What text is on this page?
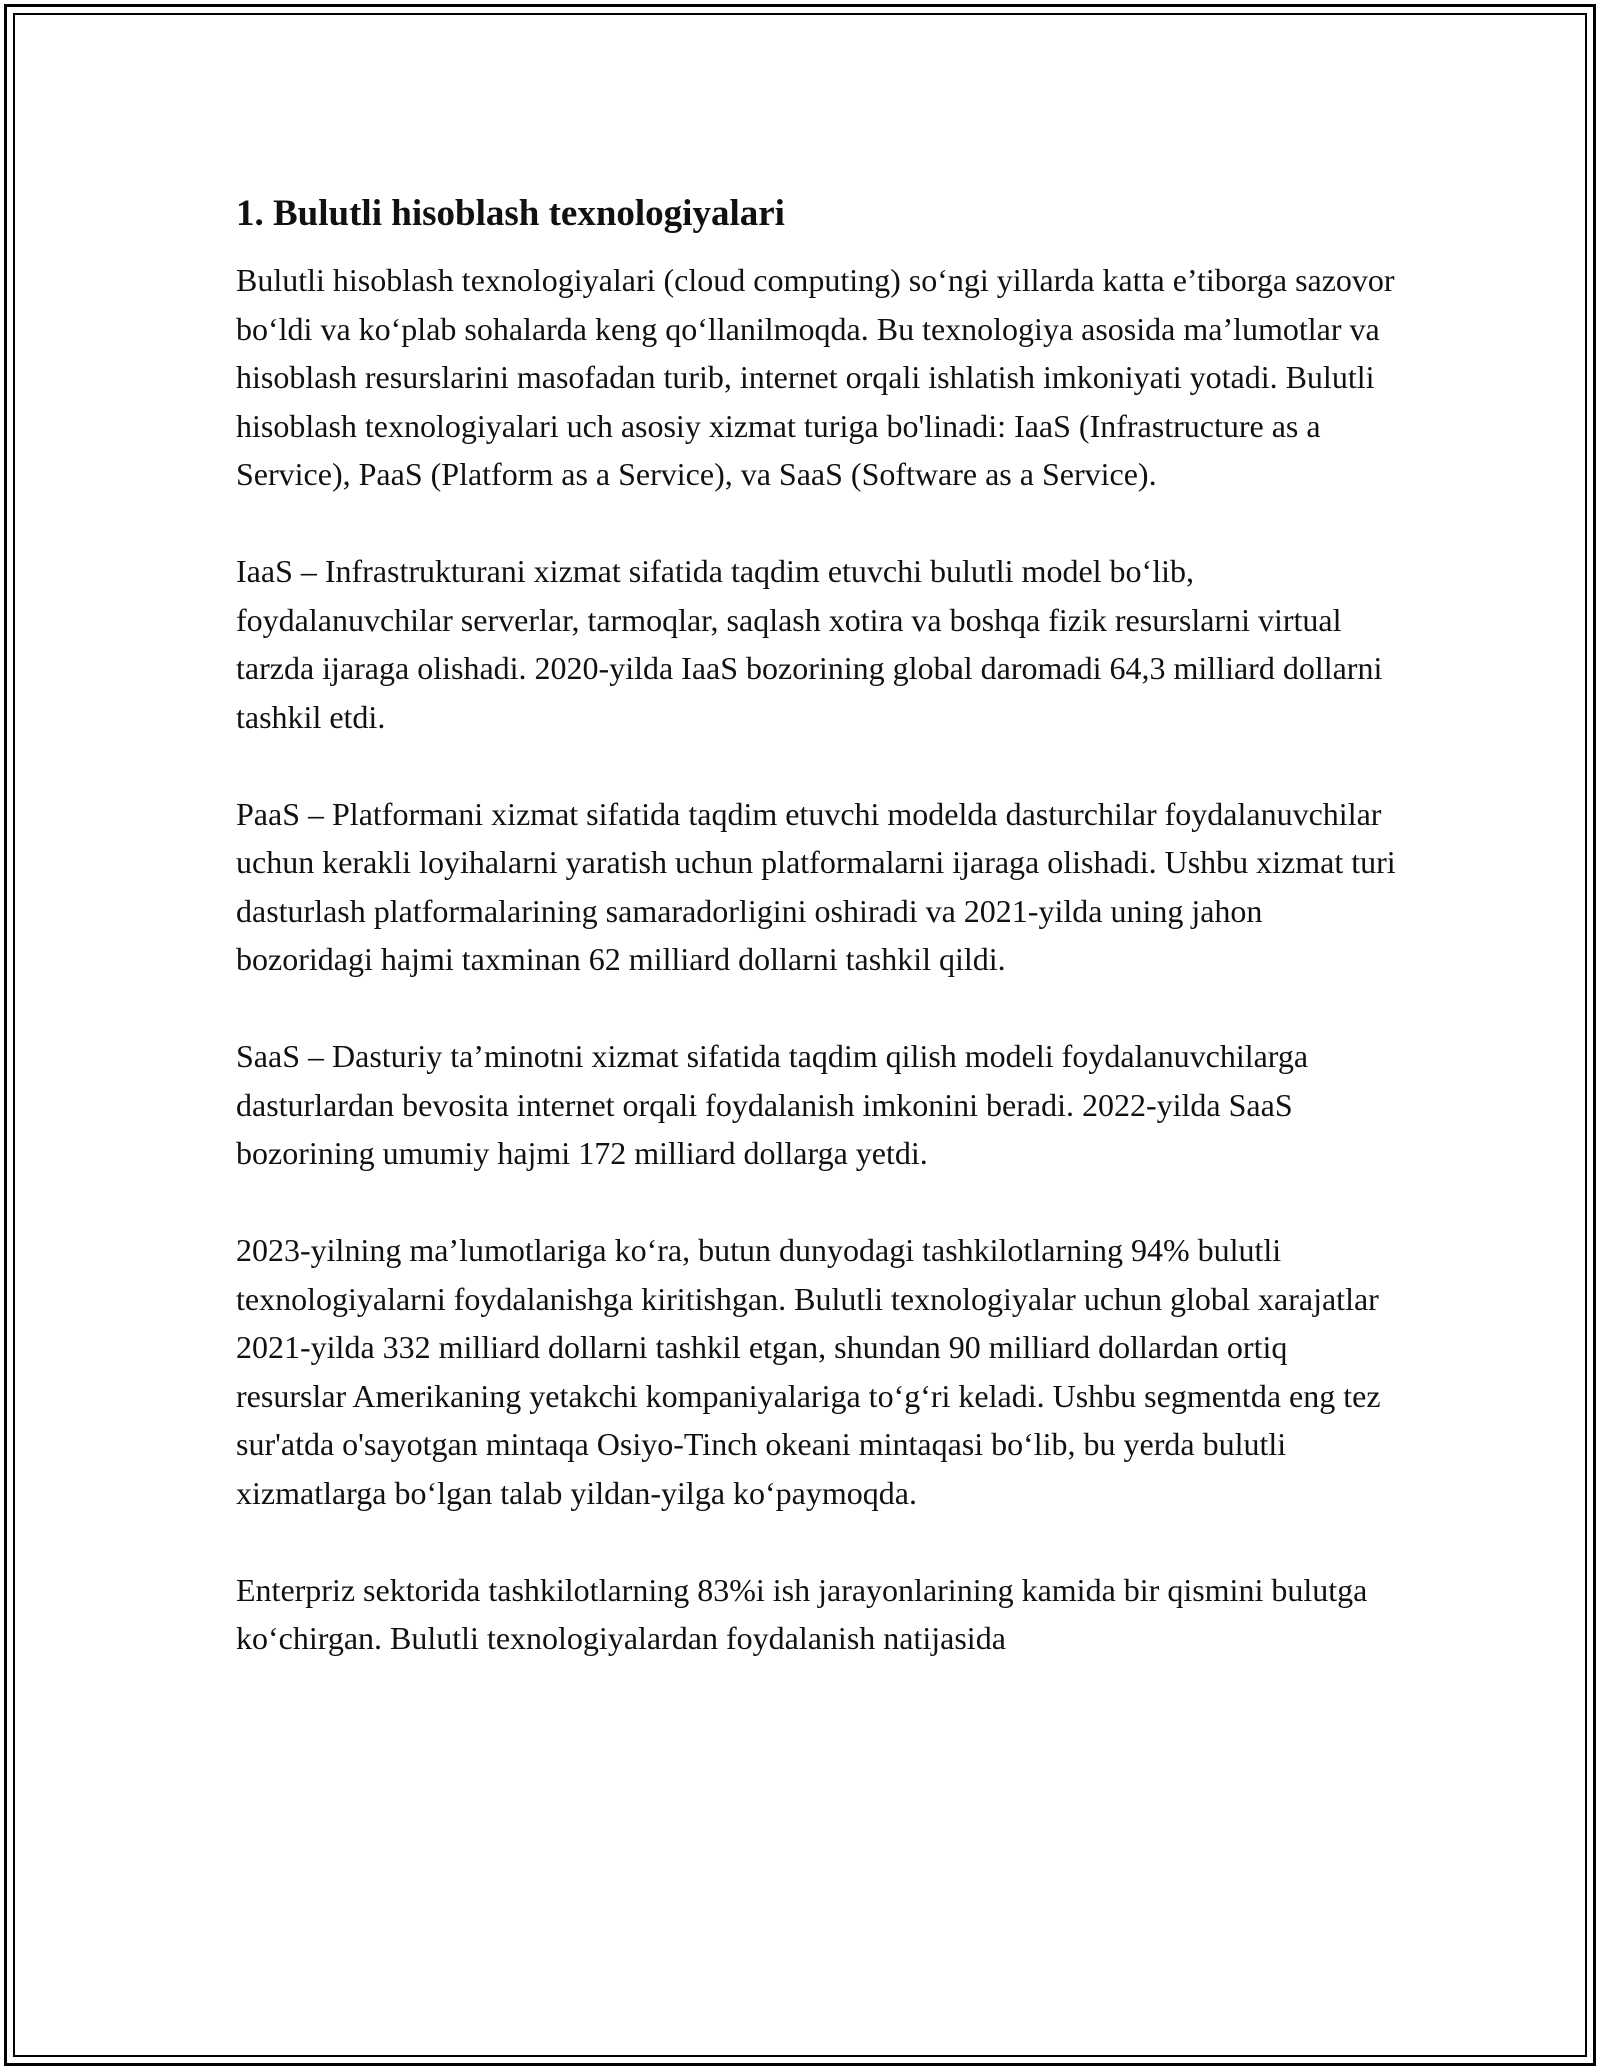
1. Bulutli hisoblash texnologiyalari

Bulutli hisoblash texnologiyalari (cloud computing) so‘ngi yillarda katta e’tiborga sazovor bo‘ldi va ko‘plab sohalarda keng qo‘llanilmoqda. Bu texnologiya asosida ma’lumotlar va hisoblash resurslarini masofadan turib, internet orqali ishlatish imkoniyati yotadi. Bulutli hisoblash texnologiyalari uch asosiy xizmat turiga bo'linadi: IaaS (Infrastructure as a Service), PaaS (Platform as a Service), va SaaS (Software as a Service).

IaaS – Infrastrukturani xizmat sifatida taqdim etuvchi bulutli model bo‘lib, foydalanuvchilar serverlar, tarmoqlar, saqlash xotira va boshqa fizik resurslarni virtual tarzda ijaraga olishadi. 2020-yilda IaaS bozorining global daromadi 64,3 milliard dollarni tashkil etdi.

PaaS – Platformani xizmat sifatida taqdim etuvchi modelda dasturchilar foydalanuvchilar uchun kerakli loyihalarni yaratish uchun platformalarni ijaraga olishadi. Ushbu xizmat turi dasturlash platformalarining samaradorligini oshiradi va 2021-yilda uning jahon bozoridagi hajmi taxminan 62 milliard dollarni tashkil qildi.

SaaS – Dasturiy ta’minotni xizmat sifatida taqdim qilish modeli foydalanuvchilarga dasturlardan bevosita internet orqali foydalanish imkonini beradi. 2022-yilda SaaS bozorining umumiy hajmi 172 milliard dollarga yetdi.

2023-yilning ma’lumotlariga ko‘ra, butun dunyodagi tashkilotlarning 94% bulutli texnologiyalarni foydalanishga kiritishgan. Bulutli texnologiyalar uchun global xarajatlar 2021-yilda 332 milliard dollarni tashkil etgan, shundan 90 milliard dollardan ortiq resurslar Amerikaning yetakchi kompaniyalariga to‘g‘ri keladi. Ushbu segmentda eng tez sur'atda o'sayotgan mintaqa Osiyo-Tinch okeani mintaqasi bo‘lib, bu yerda bulutli xizmatlarga bo‘lgan talab yildan-yilga ko‘paymoqda.

Enterpriz sektorida tashkilotlarning 83%i ish jarayonlarining kamida bir qismini bulutga ko‘chirgan. Bulutli texnologiyalardan foydalanish natijasida
